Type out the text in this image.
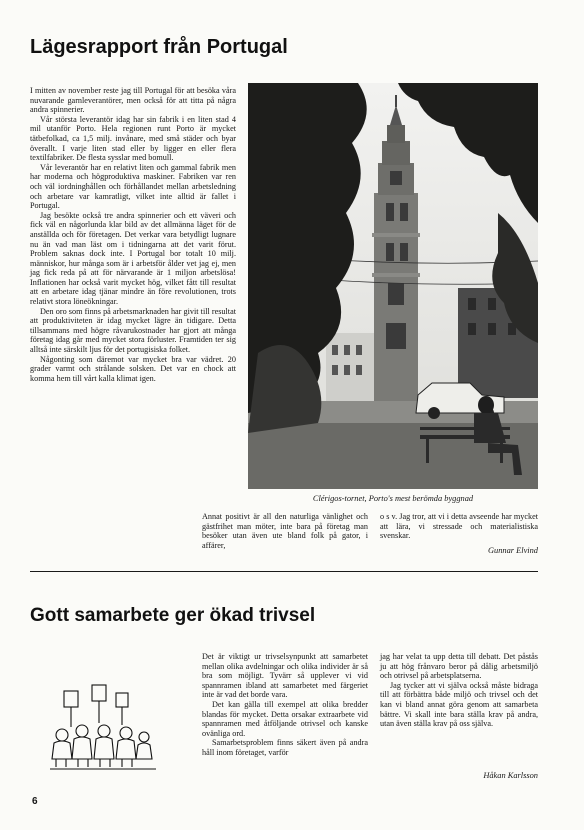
Lägesrapport från Portugal

I mitten av november reste jag till Portugal för att besöka våra nuvarande garnleverantörer, men också för att titta på några andra spinnerier.

Vår största leverantör idag har sin fabrik i en liten stad 4 mil utanför Porto. Hela regionen runt Porto är mycket tätbefolkad, ca 1,5 milj. invånare, med små städer och byar överallt. I varje liten stad eller by ligger en eller flera textilfabriker. De flesta sysslar med bomull.

Vår leverantör har en relativt liten och gammal fabrik men har moderna och högproduktiva maskiner. Fabriken var ren och väl iordninghållen och förhållandet mellan arbetsledning och arbetare var kamratligt, vilket inte alltid är fallet i Portugal.

Jag besökte också tre andra spinnerier och ett väveri och fick väl en någorlunda klar bild av det allmänna läget för de anställda och för företagen. Det verkar vara betydligt lugnare nu än vad man läst om i tidningarna att det varit förut. Problem saknas dock inte. I Portugal bor totalt 10 milj. människor, hur många som är i arbetsför ålder vet jag ej, men jag fick reda på att för närvarande är 1 miljon arbetslösa! Inflationen har också varit mycket hög, vilket fått till resultat att en arbetare idag tjänar mindre än före revolutionen, trots relativt stora löneökningar.

Den oro som finns på arbetsmarknaden har givit till resultat att produktiviteten är idag mycket lägre än tidigare. Detta tillsammans med högre råvarukostnader har gjort att många företag idag går med mycket stora förluster. Framtiden ter sig alltså inte särskilt ljus för det portugisiska folket.

Någonting som däremot var mycket bra var vädret. 20 grader varmt och strålande solsken. Det var en chock att komma hem till vårt kalla klimat igen.

Clérigos-tornet, Porto's mest berömda byggnad

Annat positivt är all den naturliga vänlighet och gästfrihet man möter, inte bara på företag man besöker utan även ute bland folk på gator, i affärer,

o s v. Jag tror, att vi i detta avseende har mycket att lära, vi stressade och materialistiska svenskar.

Gunnar Elvind
Gott samarbete ger ökad trivsel

Det är viktigt ur trivselsynpunkt att samarbetet mellan olika avdelningar och olika individer är så bra som möjligt. Tyvärr så upplever vi vid spannramen ibland att samarbetet med färgeriet inte är vad det borde vara.

Det kan gälla till exempel att olika bredder blandas för mycket. Detta orsakar extraarbete vid spannramen med åtföljande otrivsel och kanske ovänliga ord.

Samarbetsproblem finns säkert även på andra håll inom företaget, varför

jag har velat ta upp detta till debatt. Det påstås ju att hög frånvaro beror på dålig arbetsmiljö och otrivsel på arbetsplatserna.

Jag tycker att vi själva också måste bidraga till att förbättra både miljö och trivsel och det kan vi bland annat göra genom att samarbeta bättre. Vi skall inte bara ställa krav på andra, utan även ställa krav på oss själva.

Håkan Karlsson
6
